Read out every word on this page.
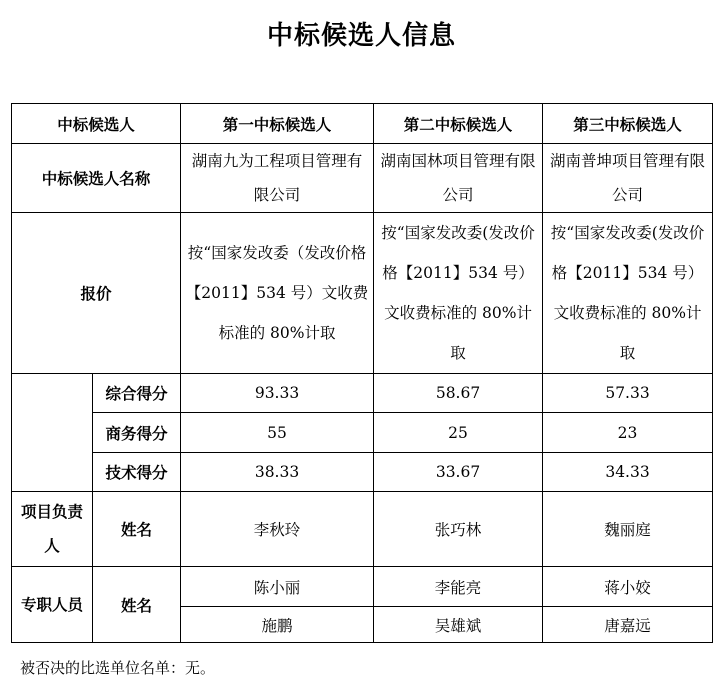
中标候选人信息
中标候选人		第一中标候选人	第二中标候选人	第三中标候选人
中标候选人名称		湖南九为工程项目管理有限公司	湖南国林项目管理有限公司	湖南普坤项目管理有限公司
报价		按“国家发改委（发改价格【2011】534 号）文收费标准的 80%计取	按“国家发改委(发改价格【2011】534 号）文收费标准的 80%计取	按“国家发改委(发改价格【2011】534 号）文收费标准的 80%计取
	综合得分	93.33	58.67	57.33
	商务得分	55	25	23
	技术得分	38.33	33.67	34.33
项目负责人	姓名	李秋玲	张巧林	魏丽庭
专职人员	姓名	陈小丽	李能亮	蒋小姣
		施鹏	吴雄斌	唐嘉远

被否决的比选单位名单：无。
